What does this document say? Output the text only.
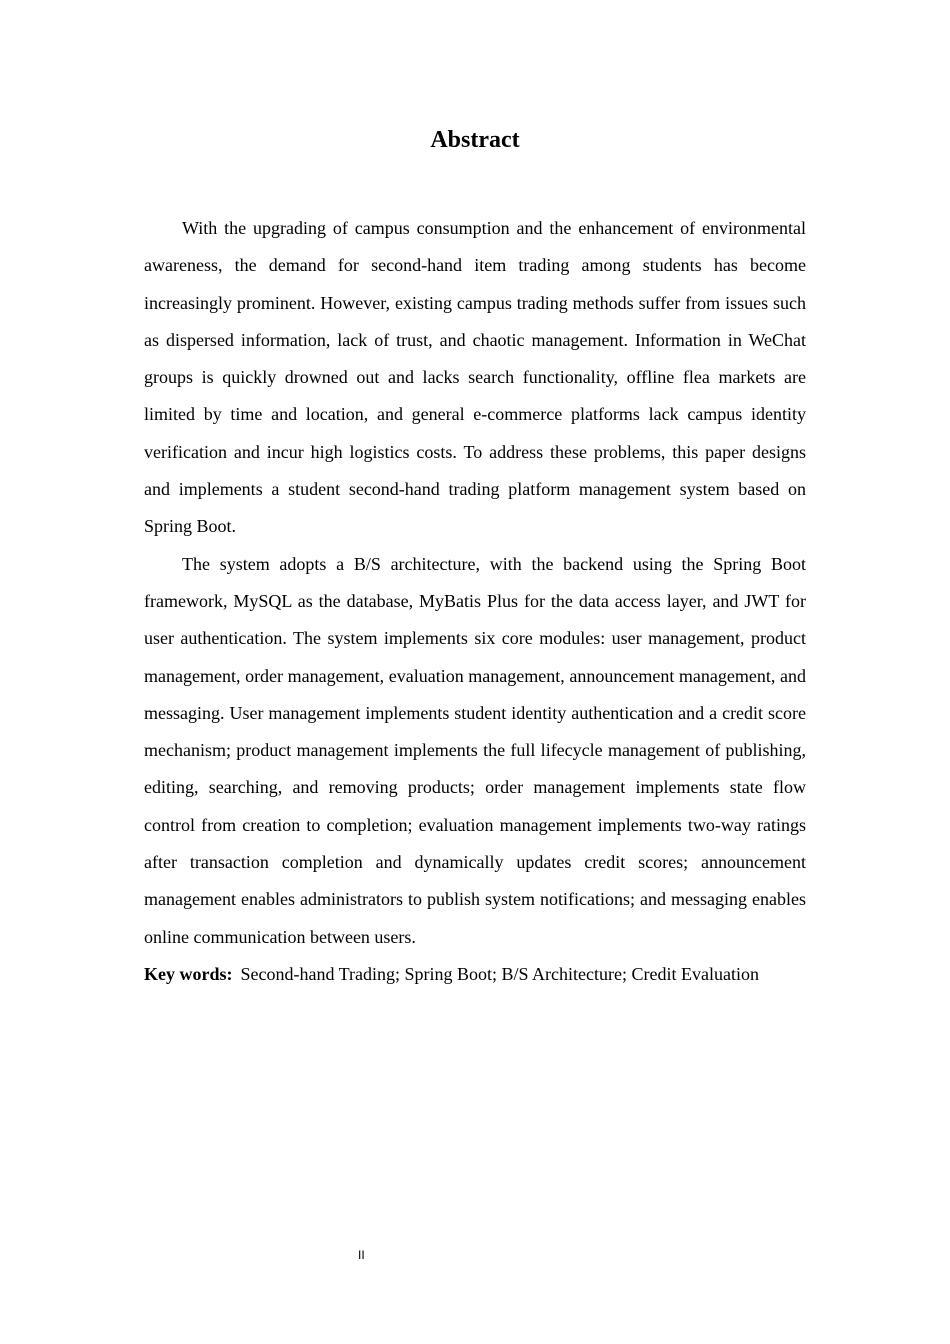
Abstract

With the upgrading of campus consumption and the enhancement of environmental awareness, the demand for second-hand item trading among students has become increasingly prominent. However, existing campus trading methods suffer from issues such as dispersed information, lack of trust, and chaotic management. Information in WeChat groups is quickly drowned out and lacks search functionality, offline flea markets are limited by time and location, and general e-commerce platforms lack campus identity verification and incur high logistics costs. To address these problems, this paper designs and implements a student second-hand trading platform management system based on Spring Boot.

The system adopts a B/S architecture, with the backend using the Spring Boot framework, MySQL as the database, MyBatis Plus for the data access layer, and JWT for user authentication. The system implements six core modules: user management, product management, order management, evaluation management, announcement management, and messaging. User management implements student identity authentication and a credit score mechanism; product management implements the full lifecycle management of publishing, editing, searching, and removing products; order management implements state flow control from creation to completion; evaluation management implements two-way ratings after transaction completion and dynamically updates credit scores; announcement management enables administrators to publish system notifications; and messaging enables online communication between users.

Key words: Second-hand Trading; Spring Boot; B/S Architecture; Credit Evaluation

II
